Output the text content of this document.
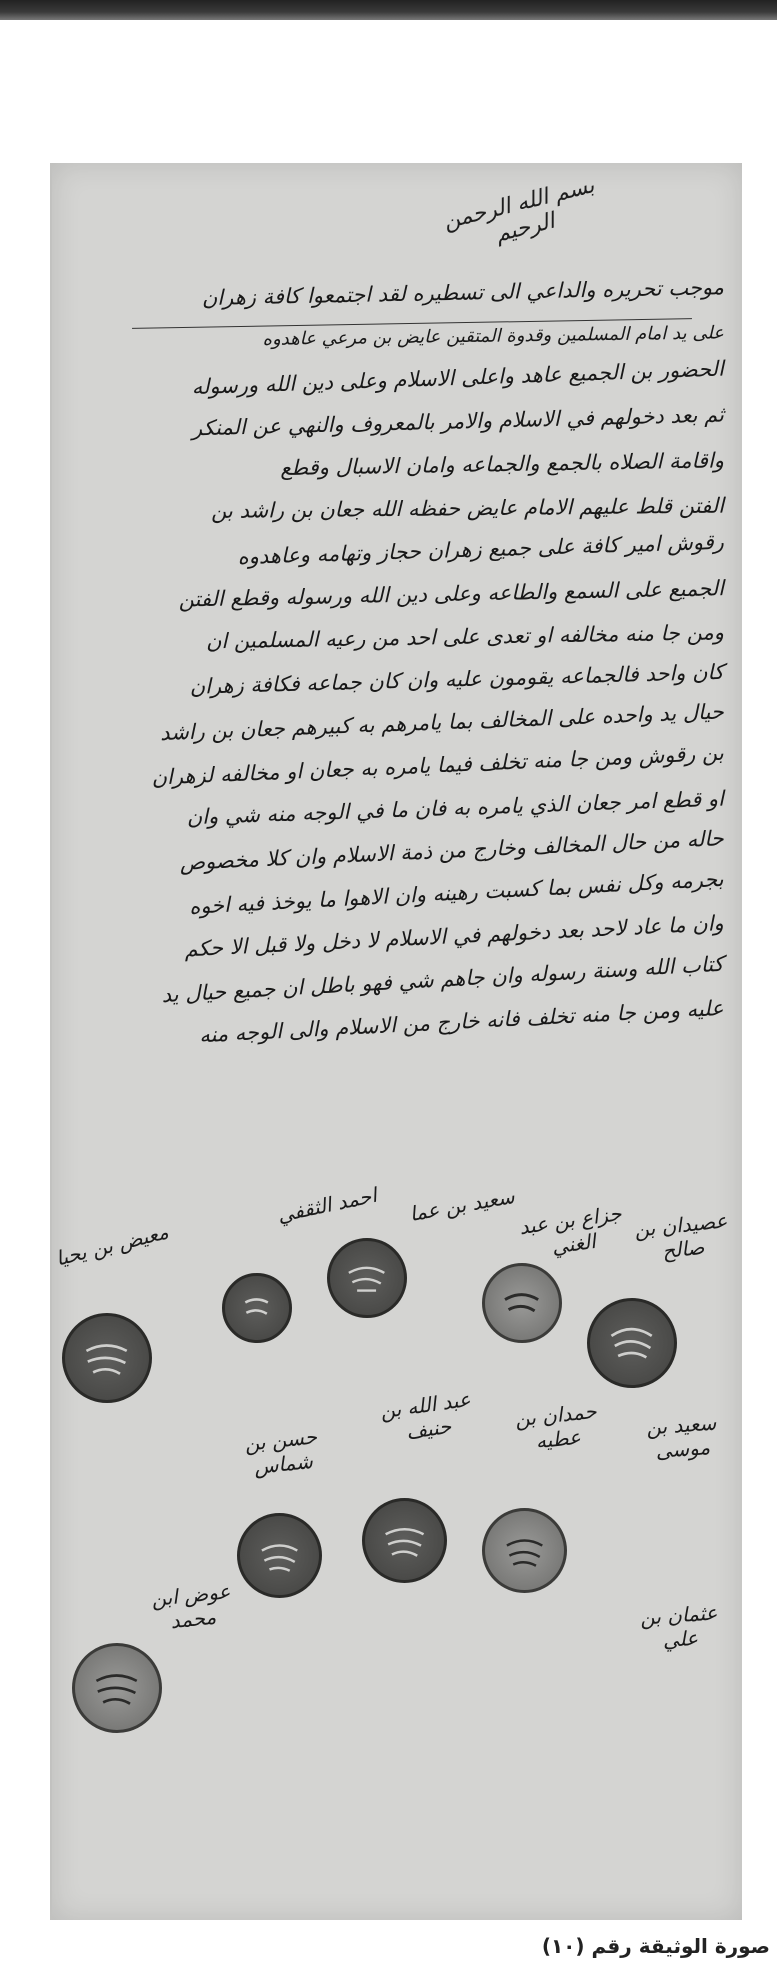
بسم الله الرحمن الرحيم
موجب تحريره والداعي الى تسطيره لقد اجتمعوا كافة زهران
على يد امام المسلمين وقدوة المتقين عايض بن مرعي عاهدوه
الحضور بن الجميع عاهد واعلى الاسلام وعلى دين الله ورسوله
ثم بعد دخولهم في الاسلام والامر بالمعروف والنهي عن المنكر
واقامة الصلاه بالجمع والجماعه وامان الاسبال وقطع
الفتن قلط عليهم الامام عايض حفظه الله جعان بن راشد بن
رقوش امير كافة على جميع زهران حجاز وتهامه وعاهدوه
الجميع على السمع والطاعه وعلى دين الله ورسوله وقطع الفتن
ومن جا منه مخالفه او تعدى على احد من رعيه المسلمين ان
كان واحد فالجماعه يقومون عليه وان كان جماعه فكافة زهران
حيال يد واحده على المخالف بما يامرهم به كبيرهم جعان بن راشد
بن رقوش ومن جا منه تخلف فيما يامره به جعان او مخالفه لزهران
او قطع امر جعان الذي يامره به فان ما في الوجه منه شي وان
حاله من حال المخالف وخارج من ذمة الاسلام وان كلا مخصوص
بجرمه وكل نفس بما كسبت رهينه وان الاهوا ما يوخذ فيه اخوه
وان ما عاد لاحد بعد دخولهم في الاسلام لا دخل ولا قبل الا حكم
كتاب الله وسنة رسوله وان جاهم شي فهو باطل ان جميع حيال يد
عليه ومن جا منه تخلف فانه خارج من الاسلام والى الوجه منه
عصيدان بن صالح
جزاع بن عبد الغني
سعيد بن عما
احمد الثقفي
معيض بن يحيا
سعيد بن موسى
حمدان بن عطيه
عبد الله بن حنيف
حسن بن شماس
عثمان بن علي
عوض ابن محمد
صورة الوثيقة رقم (١٠)
